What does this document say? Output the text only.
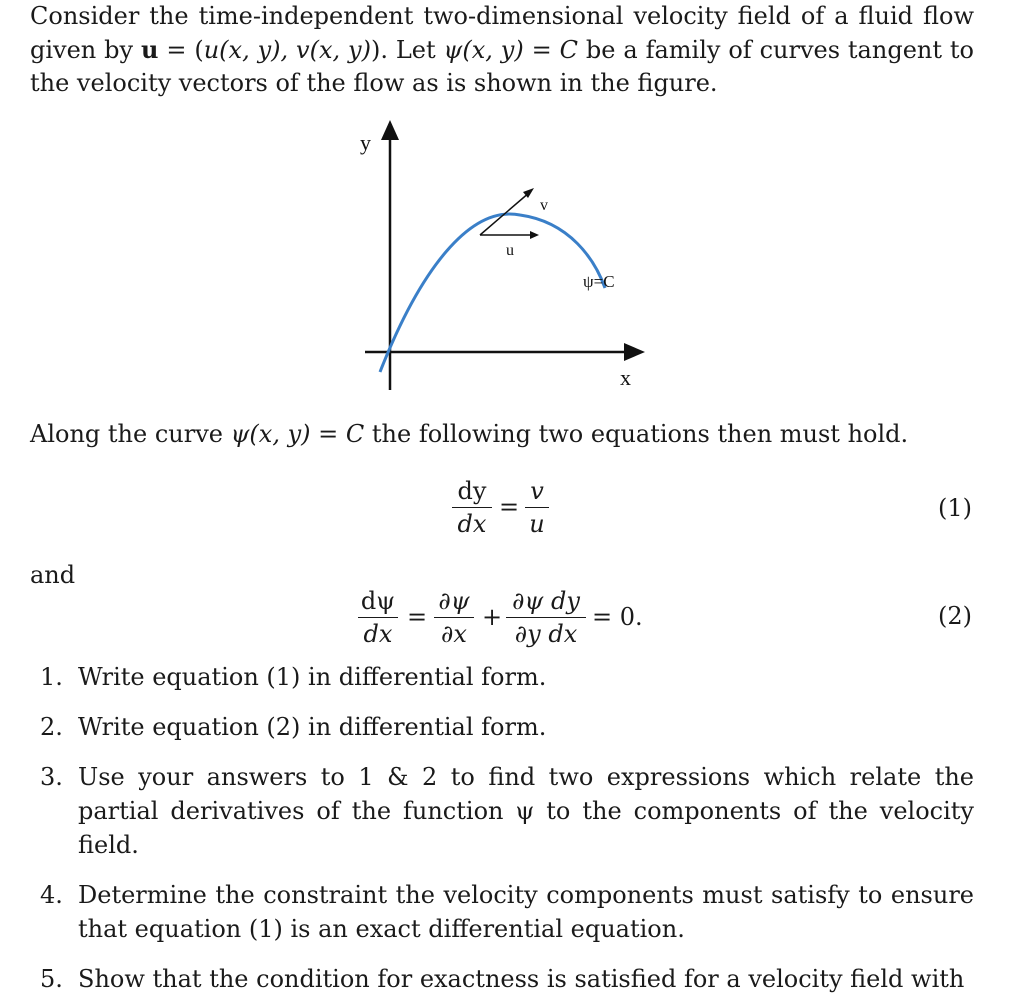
Consider the time-independent two-dimensional velocity field of a fluid flow given by u = (u(x, y), v(x, y)). Let ψ(x, y) = C be a family of curves tangent to the velocity vectors of the flow as is shown in the figure.

y
x
u
v
ψ=C

Along the curve ψ(x, y) = C the following two equations then must hold.

dy
dx
=
v
u
(1)
and
dψ
dx
=
∂ψ
∂x
+
∂ψ dy
∂y dx
= 0.	(2)
1. Write equation (1) in differential form.
2. Write equation (2) in differential form.
3. Use your answers to 1 & 2 to find two expressions which relate the partial derivatives of the function ψ to the components of the velocity field.
4. Determine the constraint the velocity components must satisfy to ensure that equation (1) is an exact differential equation.
5. Show that the condition for exactness is satisfied for a velocity field with
